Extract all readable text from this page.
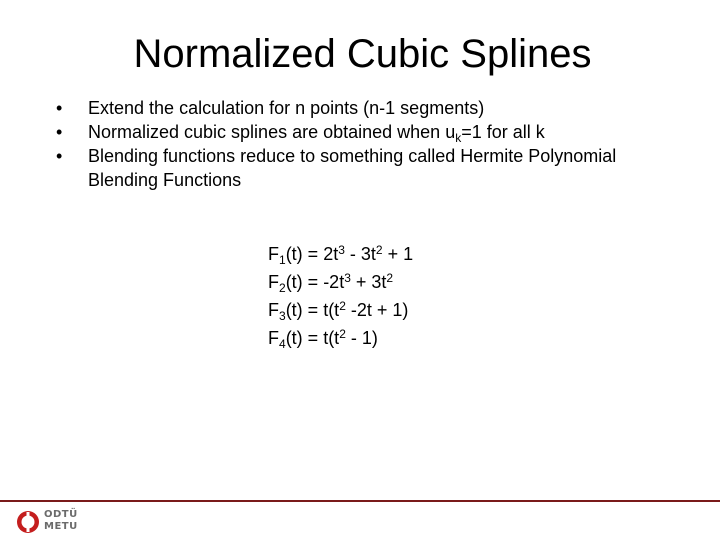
Normalized Cubic Splines
•	Extend the calculation for n points (n-1 segments)
•	Normalized cubic splines are obtained when $u_k=1$ for all k
•	Blending functions reduce to something called Hermite Polynomial
Blending Functions
$F_1(t) = 2t^3 - 3t^2 + 1$
$F_2(t) = -2t^3 + 3t^2$
$F_3(t) = t(t^2$ -2t + 1)
$F_4(t) = t(t^2 - 1)$
ODTÜ
METU
